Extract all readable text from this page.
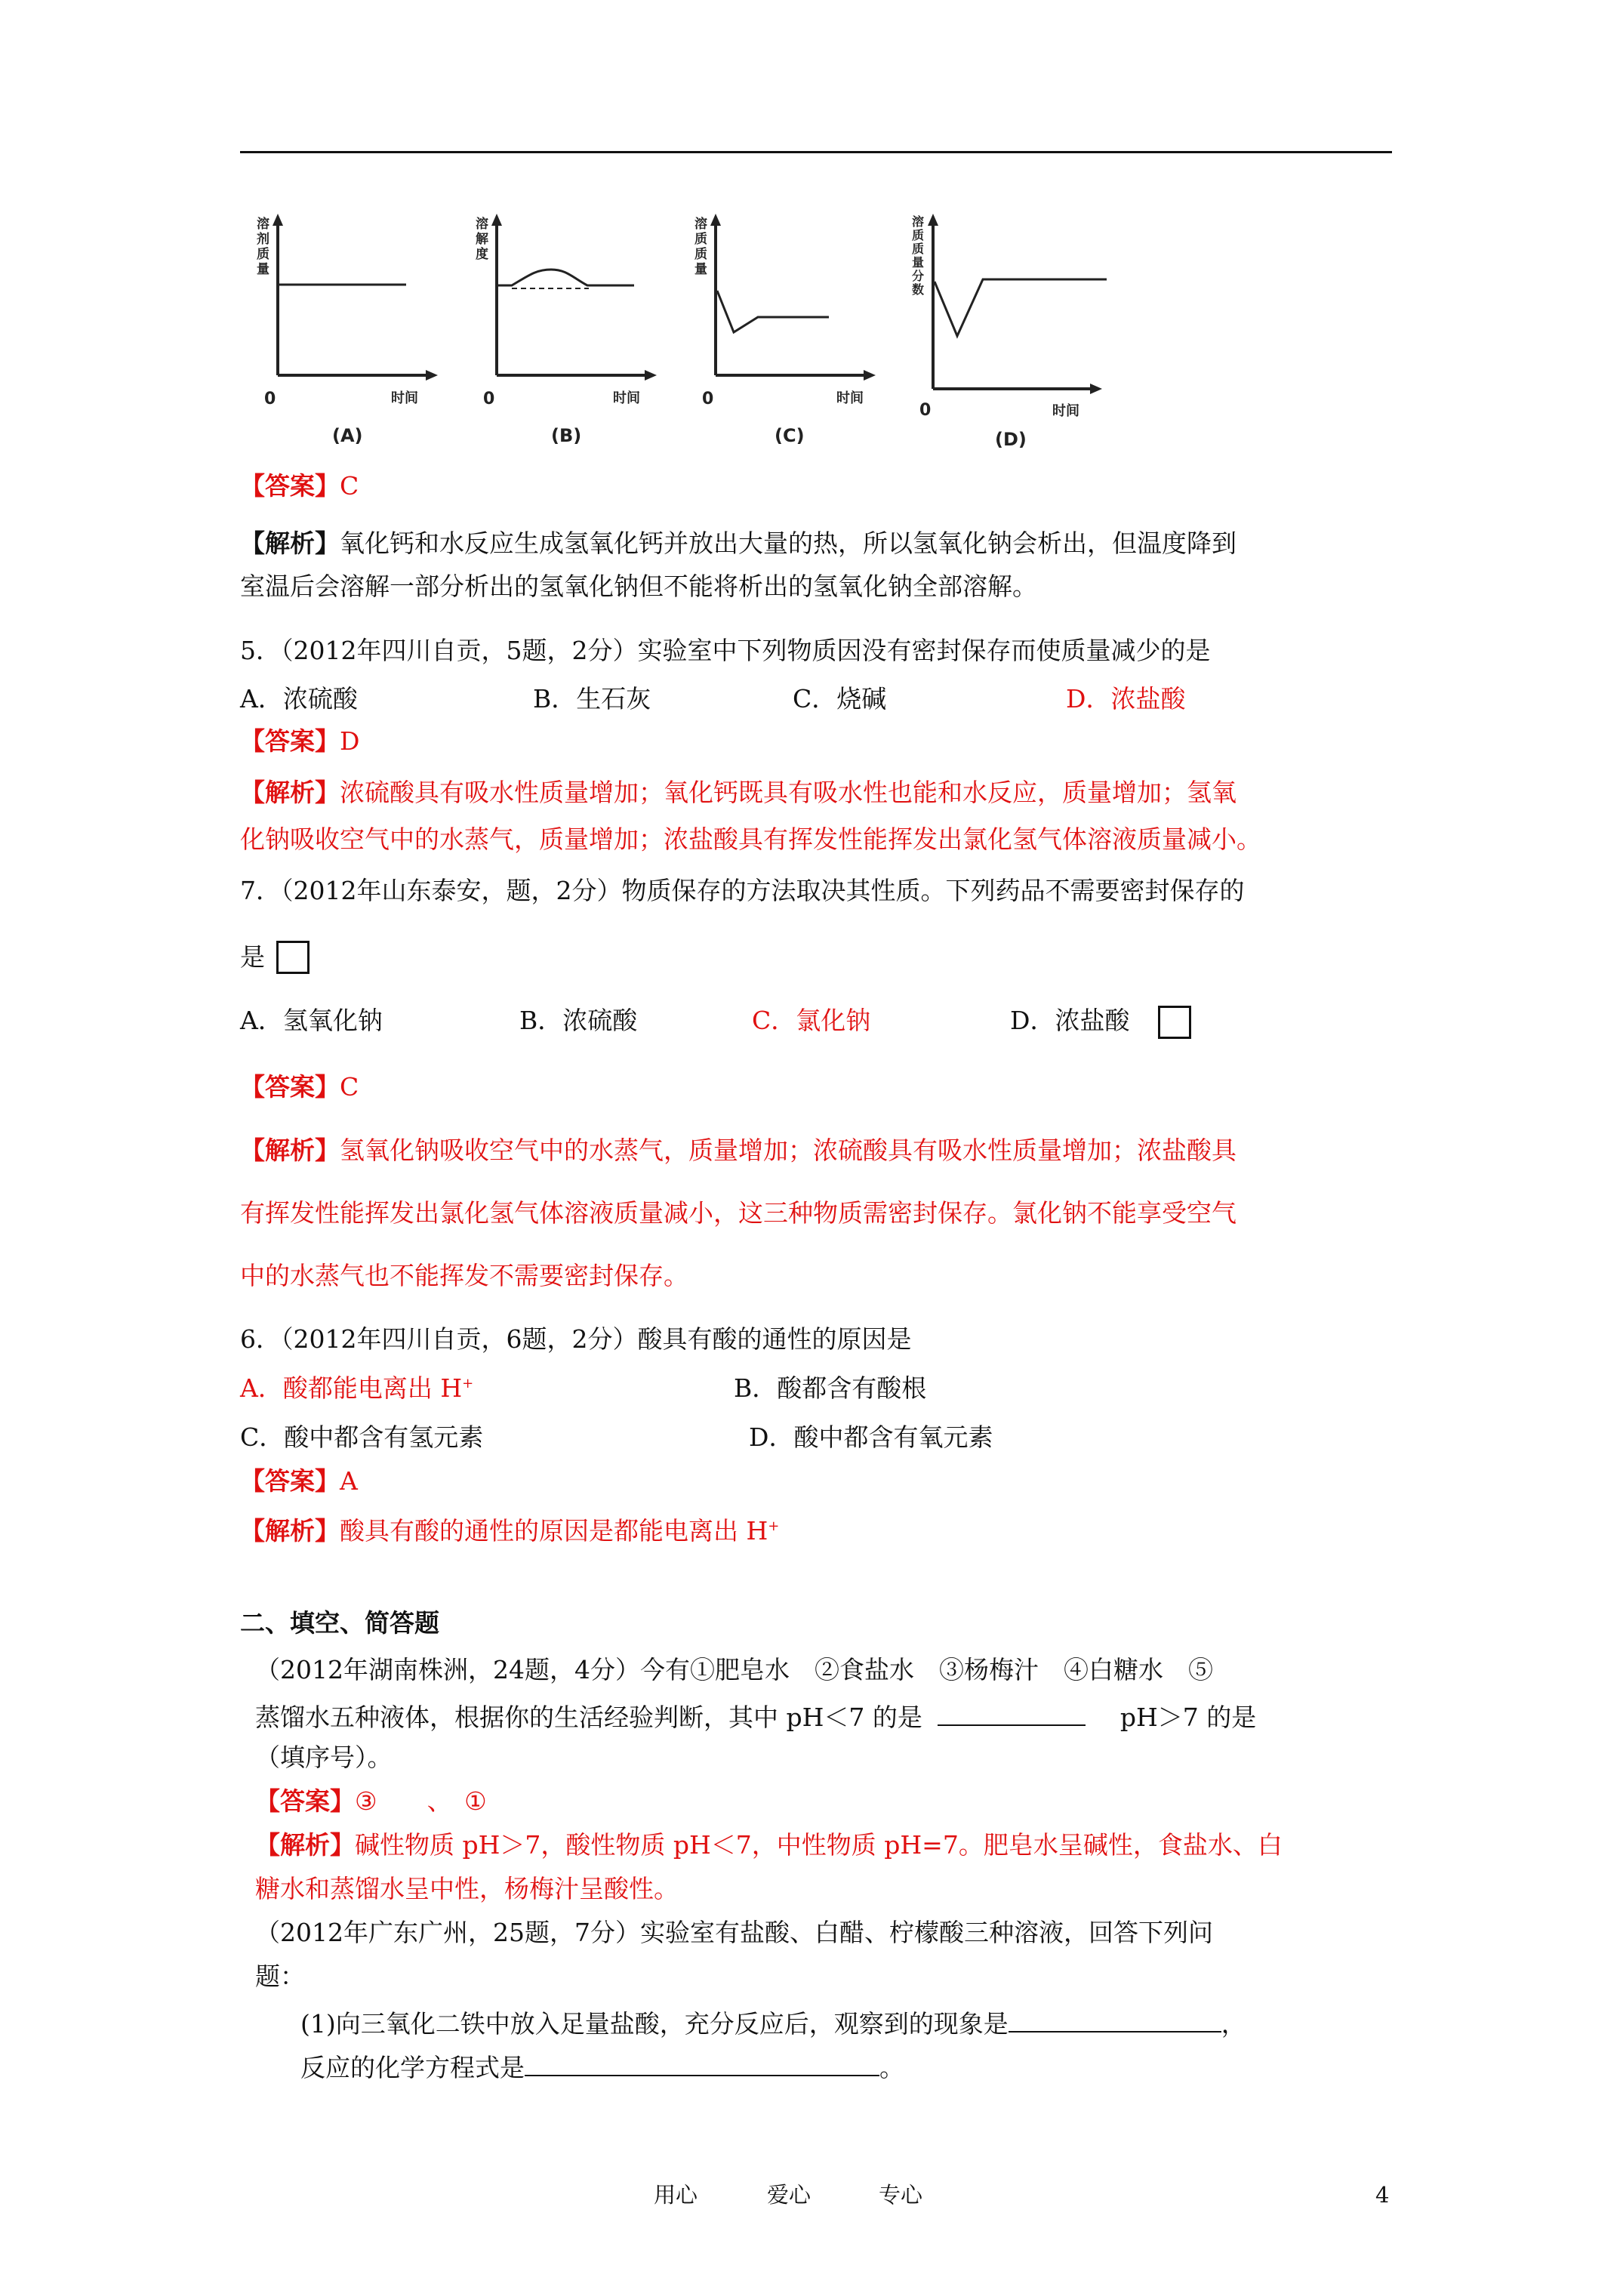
0	时间
(A)
溶剂质量
0	时间
(B)
溶解度
0	时间
(C)
溶质质量
0	时间
(D)
溶质质量分数
【答案】C
【解析】氧化钙和水反应生成氢氧化钙并放出大量的热，所以氢氧化钠会析出，但温度降到
室温后会溶解一部分析出的氢氧化钠但不能将析出的氢氧化钠全部溶解。
5．（2012年四川自贡，5题，2分）实验室中下列物质因没有密封保存而使质量减少的是
A．浓硫酸	B．生石灰	C．烧碱	D．浓盐酸
【答案】D
【解析】浓硫酸具有吸水性质量增加；氧化钙既具有吸水性也能和水反应，质量增加；氢氧
化钠吸收空气中的水蒸气，质量增加；浓盐酸具有挥发性能挥发出氯化氢气体溶液质量减小。
7．（2012年山东泰安，题，2分）物质保存的方法取决其性质。下列药品不需要密封保存的
是
A．氢氧化钠	B．浓硫酸	C．氯化钠	D．浓盐酸
【答案】C
【解析】氢氧化钠吸收空气中的水蒸气，质量增加；浓硫酸具有吸水性质量增加；浓盐酸具
有挥发性能挥发出氯化氢气体溶液质量减小，这三种物质需密封保存。氯化钠不能享受空气
中的水蒸气也不能挥发不需要密封保存。
6．（2012年四川自贡，6题，2分）酸具有酸的通性的原因是
A．酸都能电离出 H+	B．酸都含有酸根
C．酸中都含有氢元素	D．酸中都含有氧元素
【答案】A
【解析】酸具有酸的通性的原因是都能电离出 H+
二、填空、简答题
（2012年湖南株洲，24题，4分）今有①肥皂水　②食盐水　③杨梅汁　④白糖水　⑤
蒸馏水五种液体，根据你的生活经验判断，其中 pH＜7 的是	pH＞7 的是
（填序号）。
【答案】③　　、　①
【解析】碱性物质 pH＞7，酸性物质 pH＜7，中性物质 pH=7。肥皂水呈碱性，食盐水、白
糖水和蒸馏水呈中性，杨梅汁呈酸性。
（2012年广东广州，25题，7分）实验室有盐酸、白醋、柠檬酸三种溶液，回答下列问
题：
(1)向三氧化二铁中放入足量盐酸，充分反应后，观察到的现象是	，
反应的化学方程式是	。
用心	爱心	专心	4
